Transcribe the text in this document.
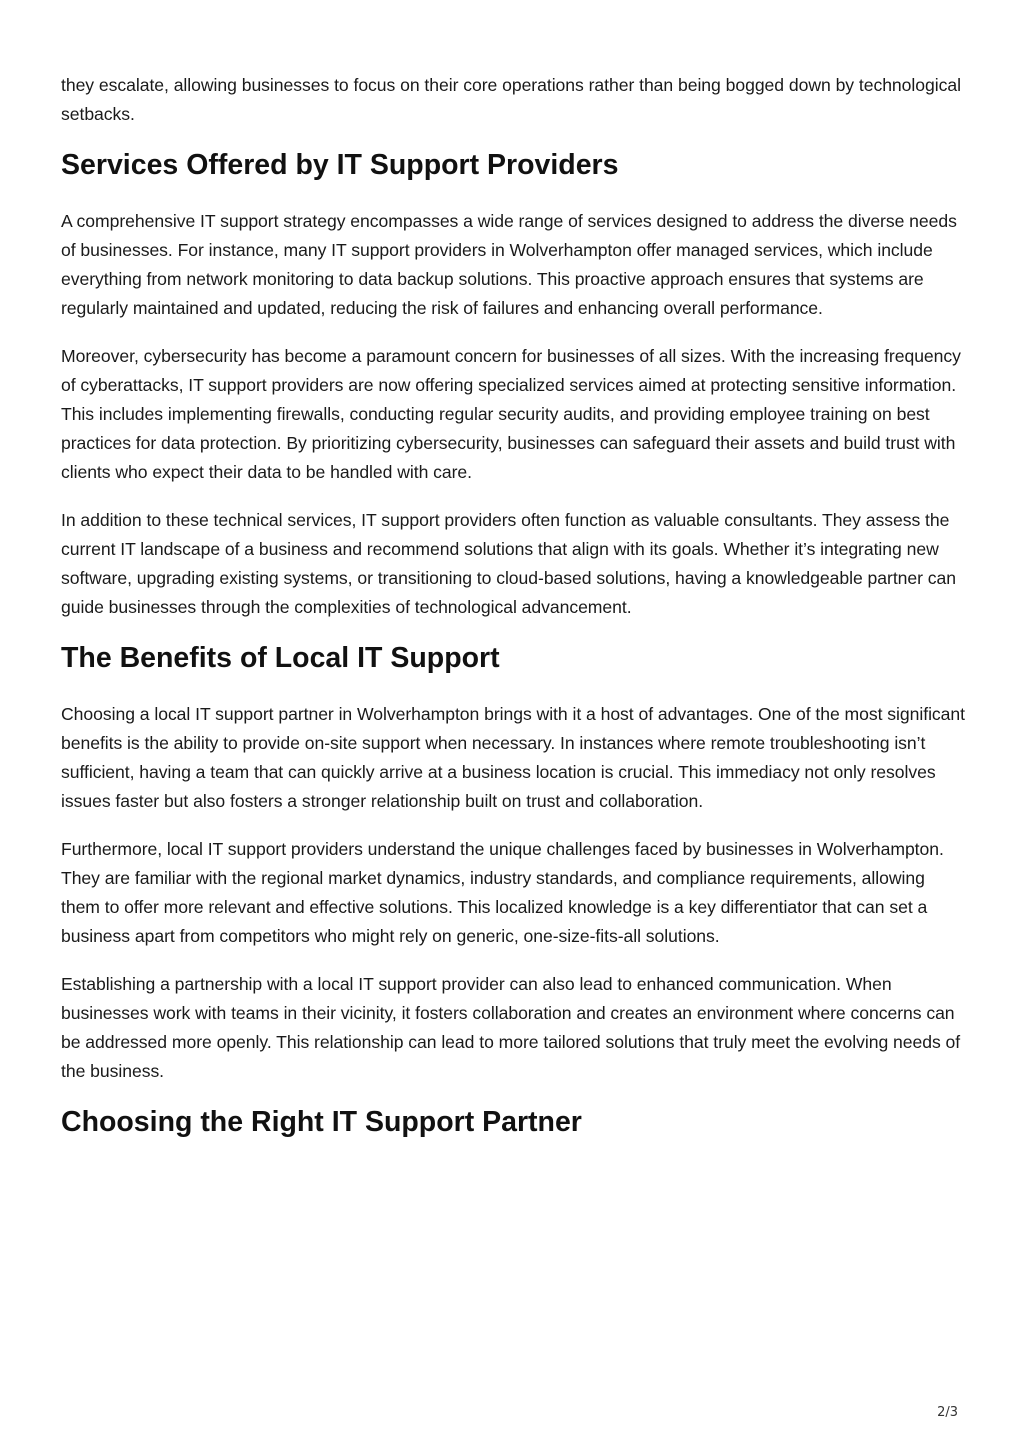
they escalate, allowing businesses to focus on their core operations rather than being bogged down by technological setbacks.

Services Offered by IT Support Providers

A comprehensive IT support strategy encompasses a wide range of services designed to address the diverse needs of businesses. For instance, many IT support providers in Wolverhampton offer managed services, which include everything from network monitoring to data backup solutions. This proactive approach ensures that systems are regularly maintained and updated, reducing the risk of failures and enhancing overall performance.

Moreover, cybersecurity has become a paramount concern for businesses of all sizes. With the increasing frequency of cyberattacks, IT support providers are now offering specialized services aimed at protecting sensitive information. This includes implementing firewalls, conducting regular security audits, and providing employee training on best practices for data protection. By prioritizing cybersecurity, businesses can safeguard their assets and build trust with clients who expect their data to be handled with care.

In addition to these technical services, IT support providers often function as valuable consultants. They assess the current IT landscape of a business and recommend solutions that align with its goals. Whether it’s integrating new software, upgrading existing systems, or transitioning to cloud-based solutions, having a knowledgeable partner can guide businesses through the complexities of technological advancement.

The Benefits of Local IT Support

Choosing a local IT support partner in Wolverhampton brings with it a host of advantages. One of the most significant benefits is the ability to provide on-site support when necessary. In instances where remote troubleshooting isn’t sufficient, having a team that can quickly arrive at a business location is crucial. This immediacy not only resolves issues faster but also fosters a stronger relationship built on trust and collaboration.

Furthermore, local IT support providers understand the unique challenges faced by businesses in Wolverhampton. They are familiar with the regional market dynamics, industry standards, and compliance requirements, allowing them to offer more relevant and effective solutions. This localized knowledge is a key differentiator that can set a business apart from competitors who might rely on generic, one-size-fits-all solutions.

Establishing a partnership with a local IT support provider can also lead to enhanced communication. When businesses work with teams in their vicinity, it fosters collaboration and creates an environment where concerns can be addressed more openly. This relationship can lead to more tailored solutions that truly meet the evolving needs of the business.

Choosing the Right IT Support Partner
2/3
